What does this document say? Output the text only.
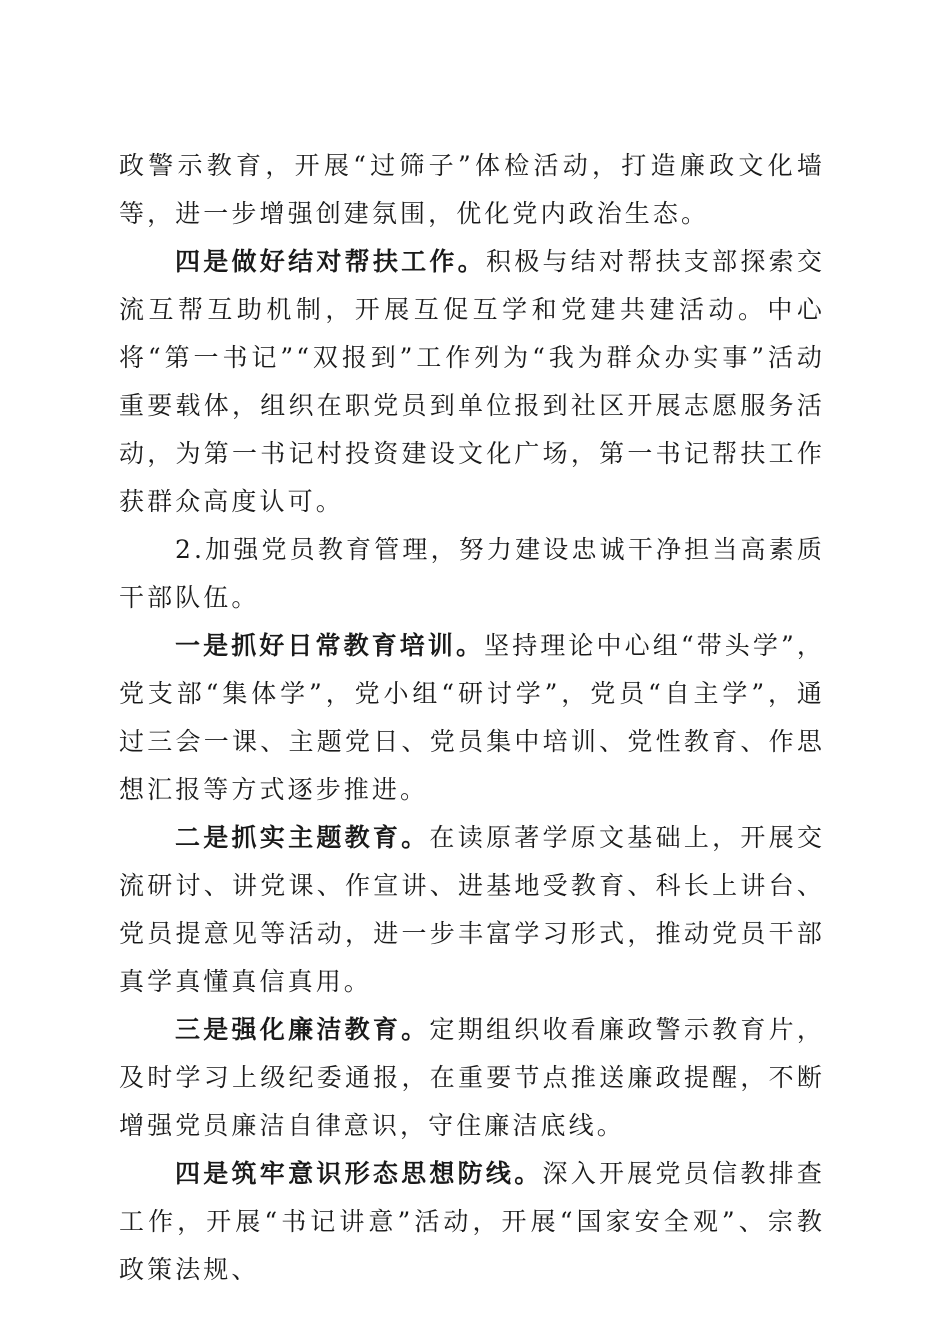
政警示教育，开展“过筛子”体检活动，打造廉政文化墙等，进一步增强创建氛围，优化党内政治生态。

四是做好结对帮扶工作。积极与结对帮扶支部探索交流互帮互助机制，开展互促互学和党建共建活动。中心将“第一书记”“双报到”工作列为“我为群众办实事”活动重要载体，组织在职党员到单位报到社区开展志愿服务活动，为第一书记村投资建设文化广场，第一书记帮扶工作获群众高度认可。

2.加强党员教育管理，努力建设忠诚干净担当高素质干部队伍。

一是抓好日常教育培训。坚持理论中心组“带头学”，党支部“集体学”，党小组“研讨学”，党员“自主学”，通过三会一课、主题党日、党员集中培训、党性教育、作思想汇报等方式逐步推进。

二是抓实主题教育。在读原著学原文基础上，开展交流研讨、讲党课、作宣讲、进基地受教育、科长上讲台、党员提意见等活动，进一步丰富学习形式，推动党员干部真学真懂真信真用。

三是强化廉洁教育。定期组织收看廉政警示教育片，及时学习上级纪委通报，在重要节点推送廉政提醒，不断增强党员廉洁自律意识，守住廉洁底线。

四是筑牢意识形态思想防线。深入开展党员信教排查工作，开展“书记讲意”活动，开展“国家安全观”、宗教政策法规、
